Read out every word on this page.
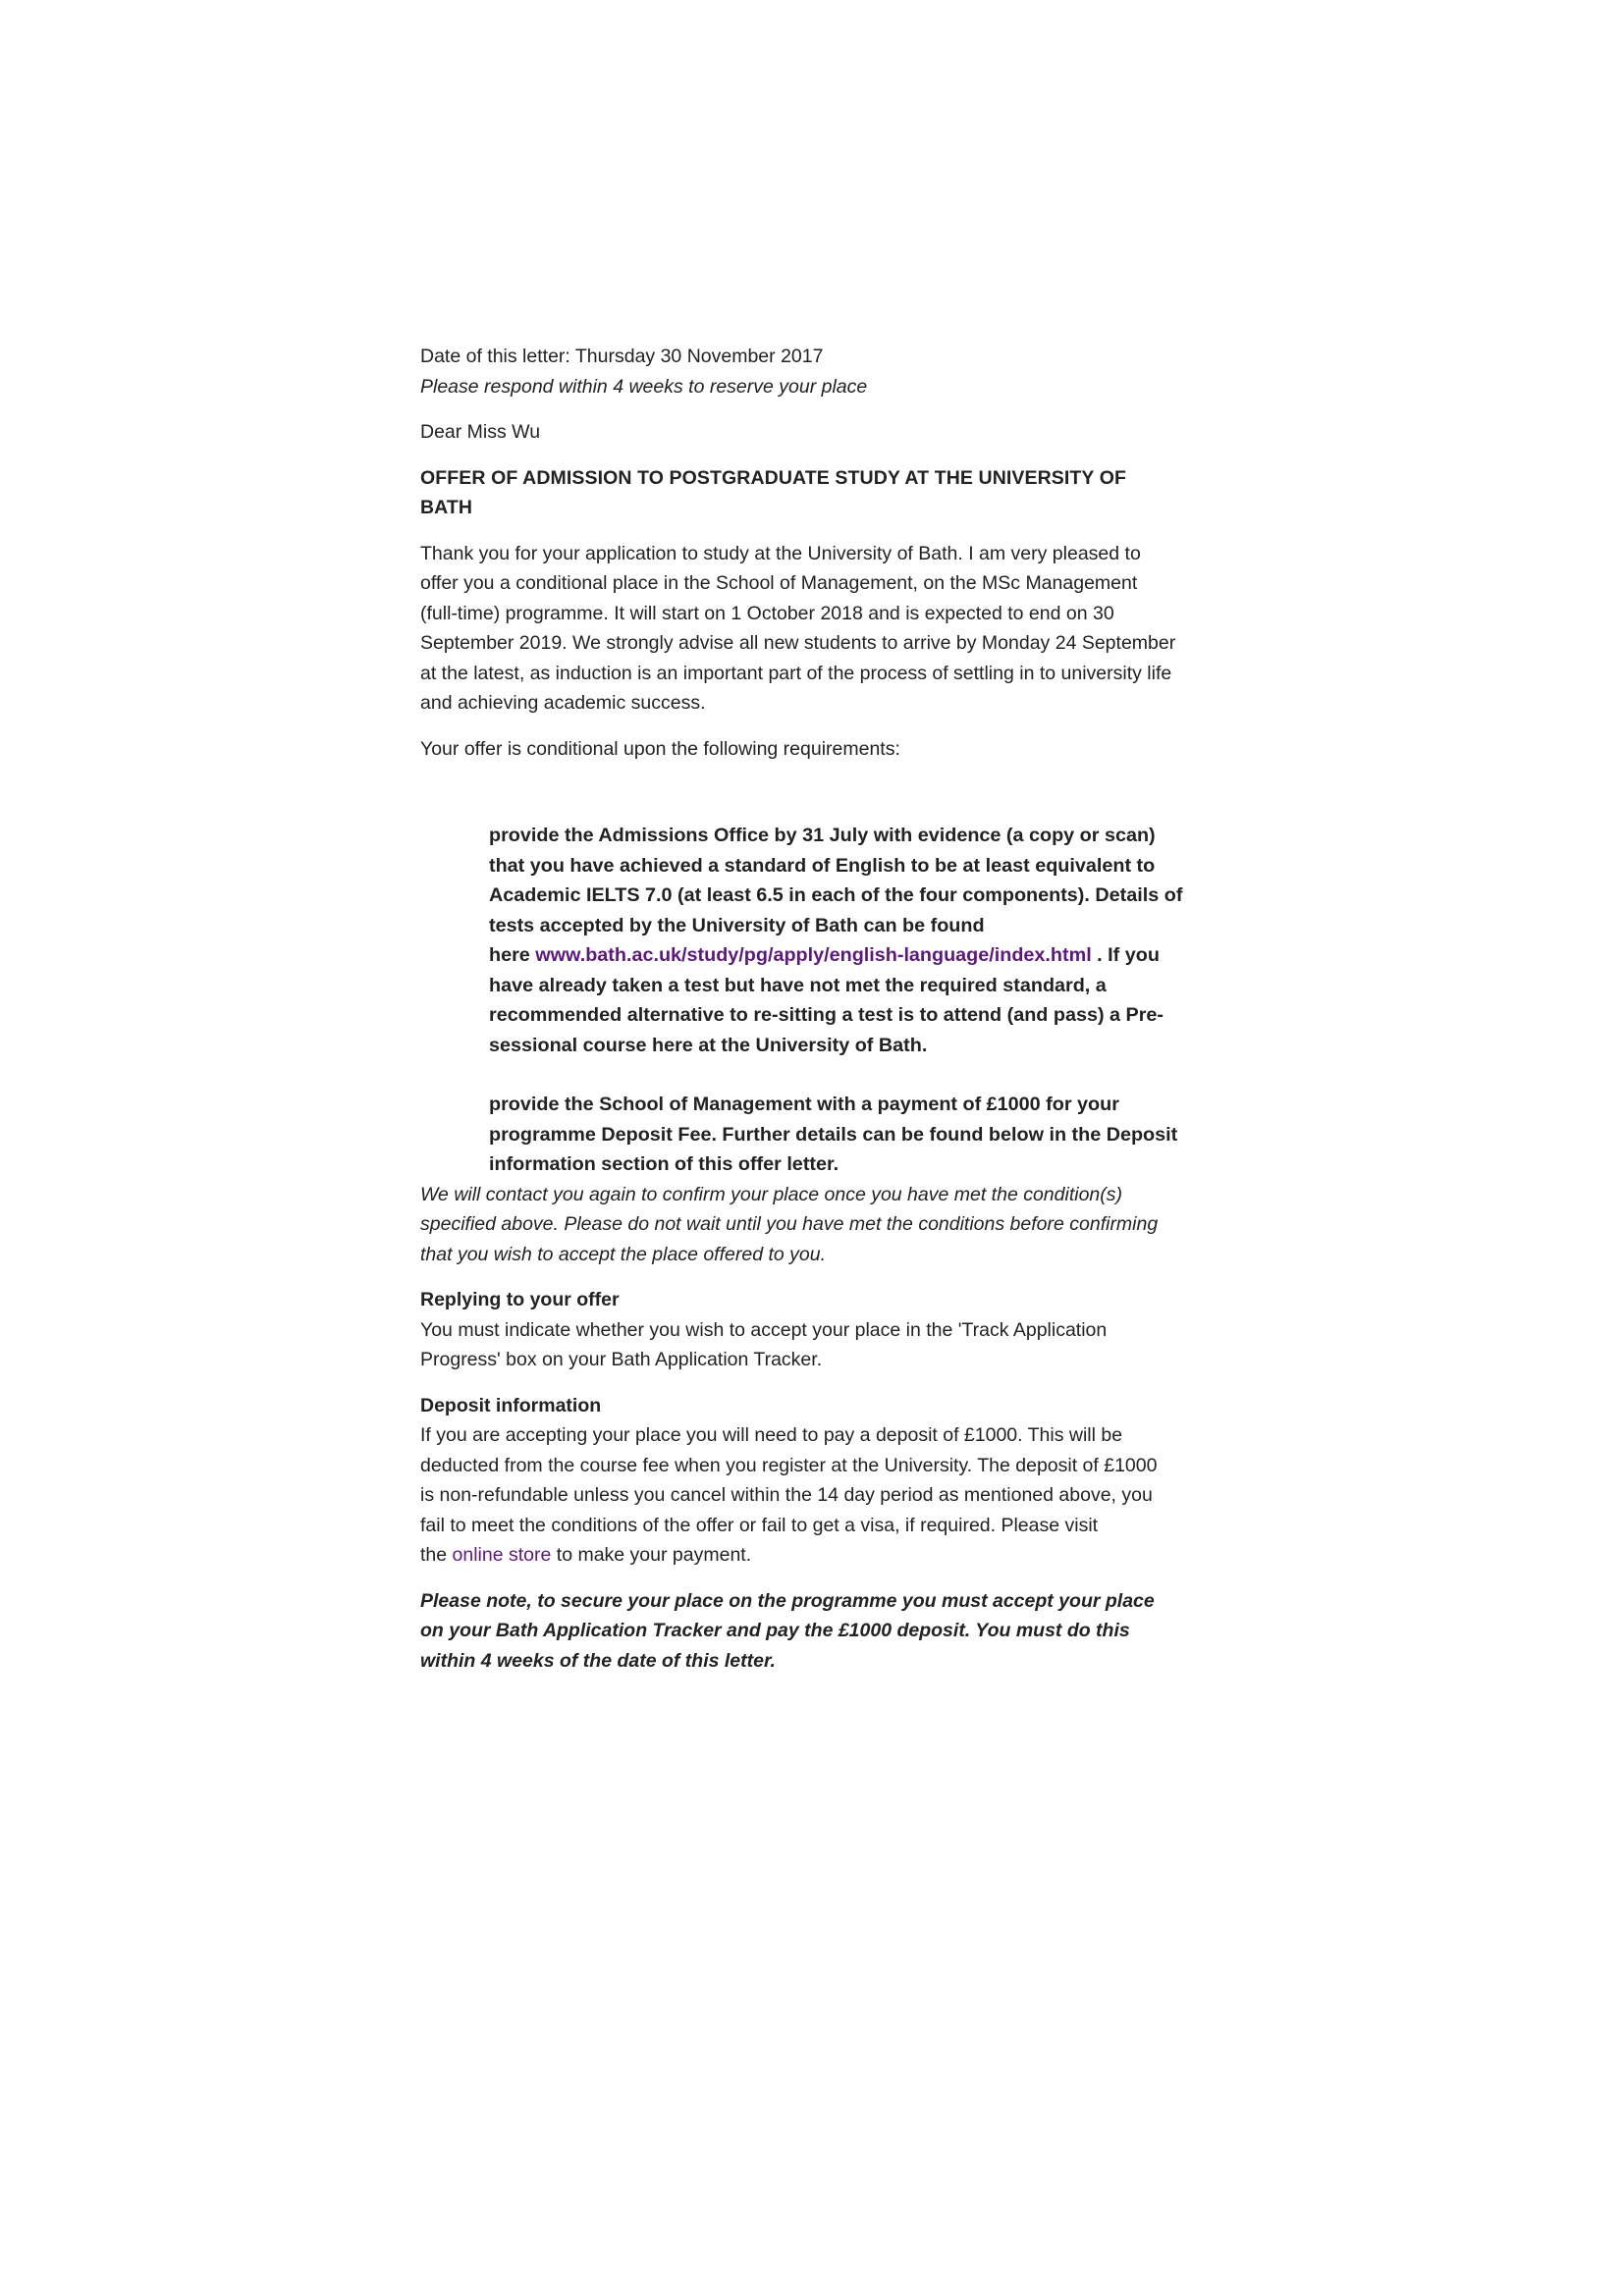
Date of this letter: Thursday 30 November 2017
Please respond within 4 weeks to reserve your place

Dear Miss Wu

OFFER OF ADMISSION TO POSTGRADUATE STUDY AT THE UNIVERSITY OF
BATH
Thank you for your application to study at the University of Bath. I am very pleased to
offer you a conditional place in the School of Management, on the MSc Management
(full-time) programme. It will start on 1 October 2018 and is expected to end on 30
September 2019. We strongly advise all new students to arrive by Monday 24 September
at the latest, as induction is an important part of the process of settling in to university life
and achieving academic success.

Your offer is conditional upon the following requirements:

provide the Admissions Office by 31 July with evidence (a copy or scan)
that you have achieved a standard of English to be at least equivalent to
Academic IELTS 7.0 (at least 6.5 in each of the four components). Details of
tests accepted by the University of Bath can be found
here www.bath.ac.uk/study/pg/apply/english-language/index.html . If you
have already taken a test but have not met the required standard, a
recommended alternative to re-sitting a test is to attend (and pass) a Pre-
sessional course here at the University of Bath.
provide the School of Management with a payment of £1000 for your
programme Deposit Fee. Further details can be found below in the Deposit
information section of this offer letter.
We will contact you again to confirm your place once you have met the condition(s)
specified above. Please do not wait until you have met the conditions before confirming
that you wish to accept the place offered to you.
Replying to your offer
You must indicate whether you wish to accept your place in the 'Track Application
Progress' box on your Bath Application Tracker.
Deposit information
If you are accepting your place you will need to pay a deposit of £1000. This will be
deducted from the course fee when you register at the University. The deposit of £1000
is non-refundable unless you cancel within the 14 day period as mentioned above, you
fail to meet the conditions of the offer or fail to get a visa, if required. Please visit
the online store to make your payment.
Please note, to secure your place on the programme you must accept your place
on your Bath Application Tracker and pay the £1000 deposit. You must do this
within 4 weeks of the date of this letter.
